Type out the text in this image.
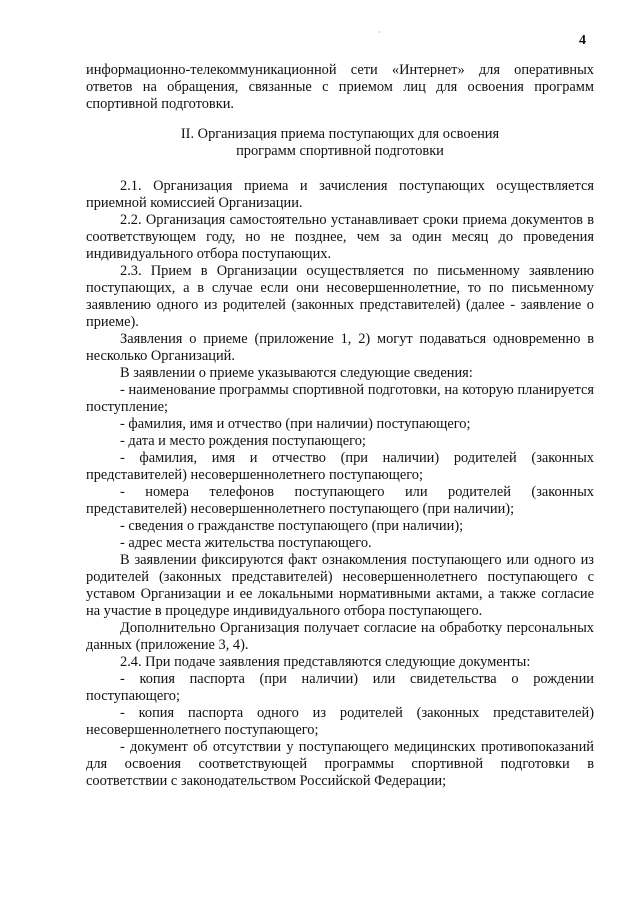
·
4

информационно-телекоммуникационной сети «Интернет» для оперативных ответов на обращения, связанные с приемом лиц для освоения программ спортивной подготовки.

II. Организация приема поступающих для освоения
программ спортивной подготовки

2.1. Организация приема и зачисления поступающих осуществляется приемной комиссией Организации.

2.2. Организация самостоятельно устанавливает сроки приема документов в соответствующем году, но не позднее, чем за один месяц до проведения индивидуального отбора поступающих.

2.3. Прием в Организации осуществляется по письменному заявлению поступающих, а в случае если они несовершеннолетние, то по письменному заявлению одного из родителей (законных представителей) (далее - заявление о приеме).

Заявления о приеме (приложение 1, 2) могут подаваться одновременно в несколько Организаций.

В заявлении о приеме указываются следующие сведения:

- наименование программы спортивной подготовки, на которую планируется поступление;

- фамилия, имя и отчество (при наличии) поступающего;

- дата и место рождения поступающего;

- фамилия, имя и отчество (при наличии) родителей (законных представителей) несовершеннолетнего поступающего;

- номера телефонов поступающего или родителей (законных представителей) несовершеннолетнего поступающего (при наличии);

- сведения о гражданстве поступающего (при наличии);

- адрес места жительства поступающего.

В заявлении фиксируются факт ознакомления поступающего или одного из родителей (законных представителей) несовершеннолетнего поступающего с уставом Организации и ее локальными нормативными актами, а также согласие на участие в процедуре индивидуального отбора поступающего.

Дополнительно Организация получает согласие на обработку персональных данных (приложение 3, 4).

2.4. При подаче заявления представляются следующие документы:

- копия паспорта (при наличии) или свидетельства о рождении поступающего;

- копия паспорта одного из родителей (законных представителей) несовершеннолетнего поступающего;

- документ об отсутствии у поступающего медицинских противопоказаний для освоения соответствующей программы спортивной подготовки в соответствии с законодательством Российской Федерации;
